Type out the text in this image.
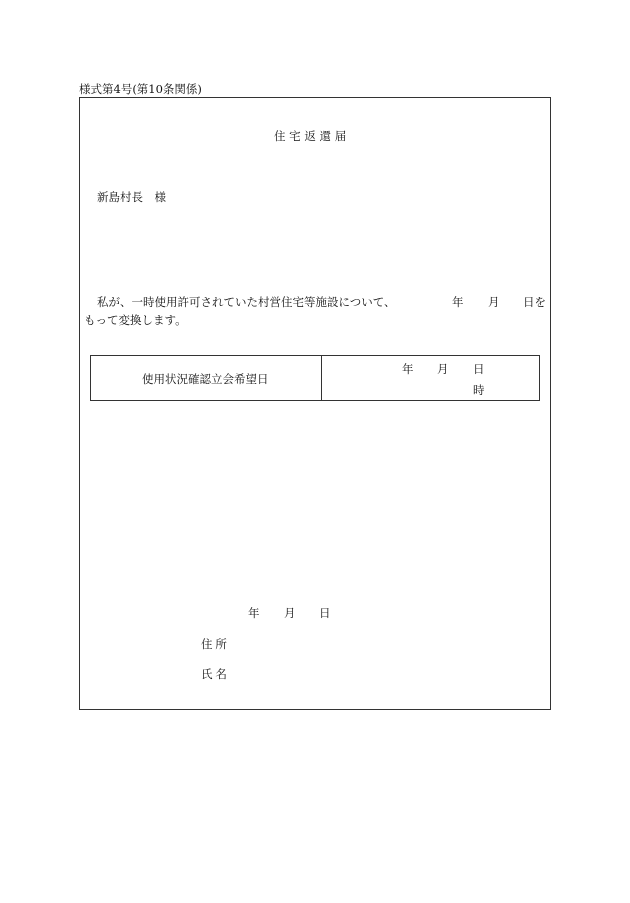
様式第4号(第10条関係)
住宅返還届
新島村長　様
私が、一時使用許可されていた村営住宅等施設について、	年 月 日を
もって変換します。
使用状況確認立会希望日
年 月 日
時
年 月 日
住所
氏名
